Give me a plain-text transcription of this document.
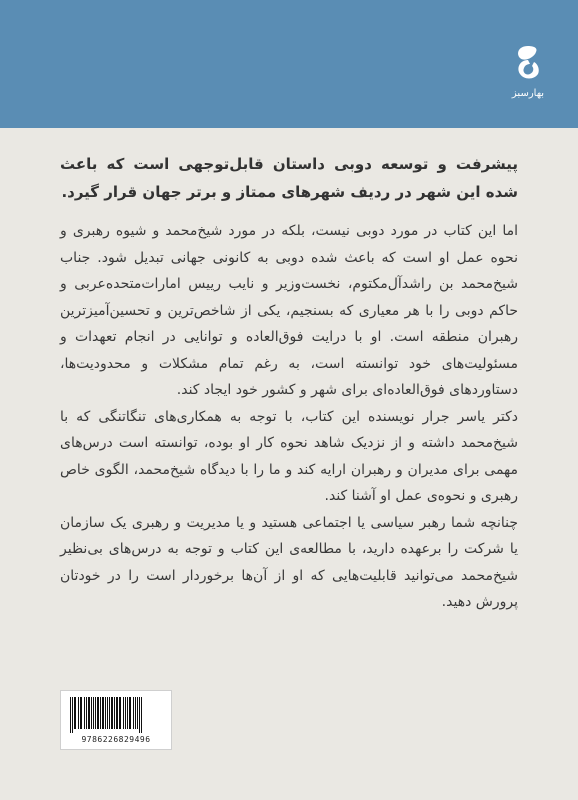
بهارسبز
پیشرفت و توسعه دوبی داستان قابل‌توجهی است که باعث شده این شهر در ردیف شهرهای ممتاز و برتر جهان قرار گیرد.

اما این کتاب در مورد دوبی نیست، بلکه در مورد شیخ‌محمد و شیوه رهبری و نحوه عمل او است که باعث شده دوبی به کانونی جهانی تبدیل شود. جناب شیخ‌محمد بن راشد‌آل‌مکتوم، نخست‌وزیر و نایب رییس امارات‌متحده‌عربی و حاکم دوبی را با هر معیاری که بسنجیم، یکی از شاخص‌ترین و تحسین‌آمیزترین رهبران منطقه است. او با درایت فوق‌العاده و توانایی در انجام تعهدات و مسئولیت‌های خود توانسته است، به رغم تمام مشکلات و محدودیت‌ها، دستاوردهای فوق‌العاده‌ای برای شهر و کشور خود ایجاد کند.

دکتر یاسر جرار نویسنده این کتاب، با توجه به همکاری‌های تنگاتنگی که با شیخ‌محمد داشته و از نزدیک شاهد نحوه کار او بوده، توانسته است درس‌های مهمی برای مدیران و رهبران ارایه کند و ما را با دیدگاه شیخ‌محمد، الگوی خاص رهبری و نحوه‌ی عمل او آشنا کند.

چنانچه شما رهبر سیاسی یا اجتماعی هستید و یا مدیریت و رهبری یک سازمان یا شرکت را برعهده دارید، با مطالعه‌ی این کتاب و توجه به درس‌های بی‌نظیر شیخ‌محمد می‌توانید قابلیت‌هایی که او از آن‌ها برخوردار است را در خودتان پرورش دهید.

9786226829496
